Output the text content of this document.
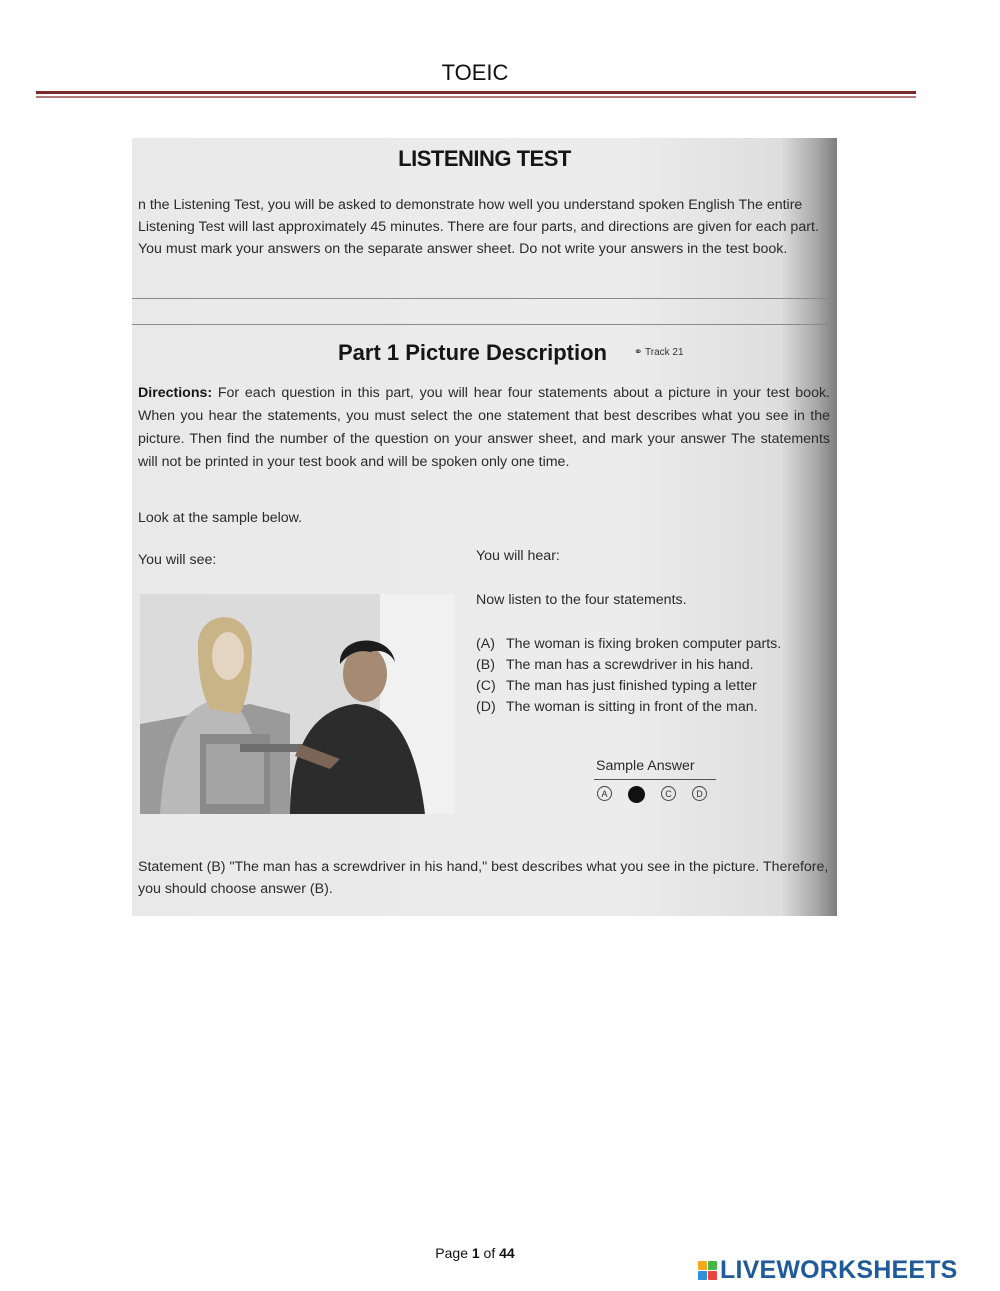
TOEIC
LISTENING TEST
n the Listening Test, you will be asked to demonstrate how well you understand spoken English The entire Listening Test will last approximately 45 minutes. There are four parts, and directions are given for each part. You must mark your answers on the separate answer sheet. Do not write your answers in the test book.
Part 1 Picture Description	⚭ Track 21
Directions: For each question in this part, you will hear four statements about a picture in your test book. When you hear the statements, you must select the one statement that best describes what you see in the picture. Then find the number of the question on your answer sheet, and mark your answer The statements will not be printed in your test book and will be spoken only one time.
Look at the sample below.
You will see:	You will hear:
Now listen to the four statements.
(A) The woman is fixing broken computer parts.
(B) The man has a screwdriver in his hand.
(C) The man has just finished typing a letter
(D) The woman is sitting in front of the man.
Sample Answer
A	C	D
Statement (B) "The man has a screwdriver in his hand," best describes what you see in the picture. Therefore, you should choose answer (B).
Page 1 of 44
LIVEWORKSHEETS
